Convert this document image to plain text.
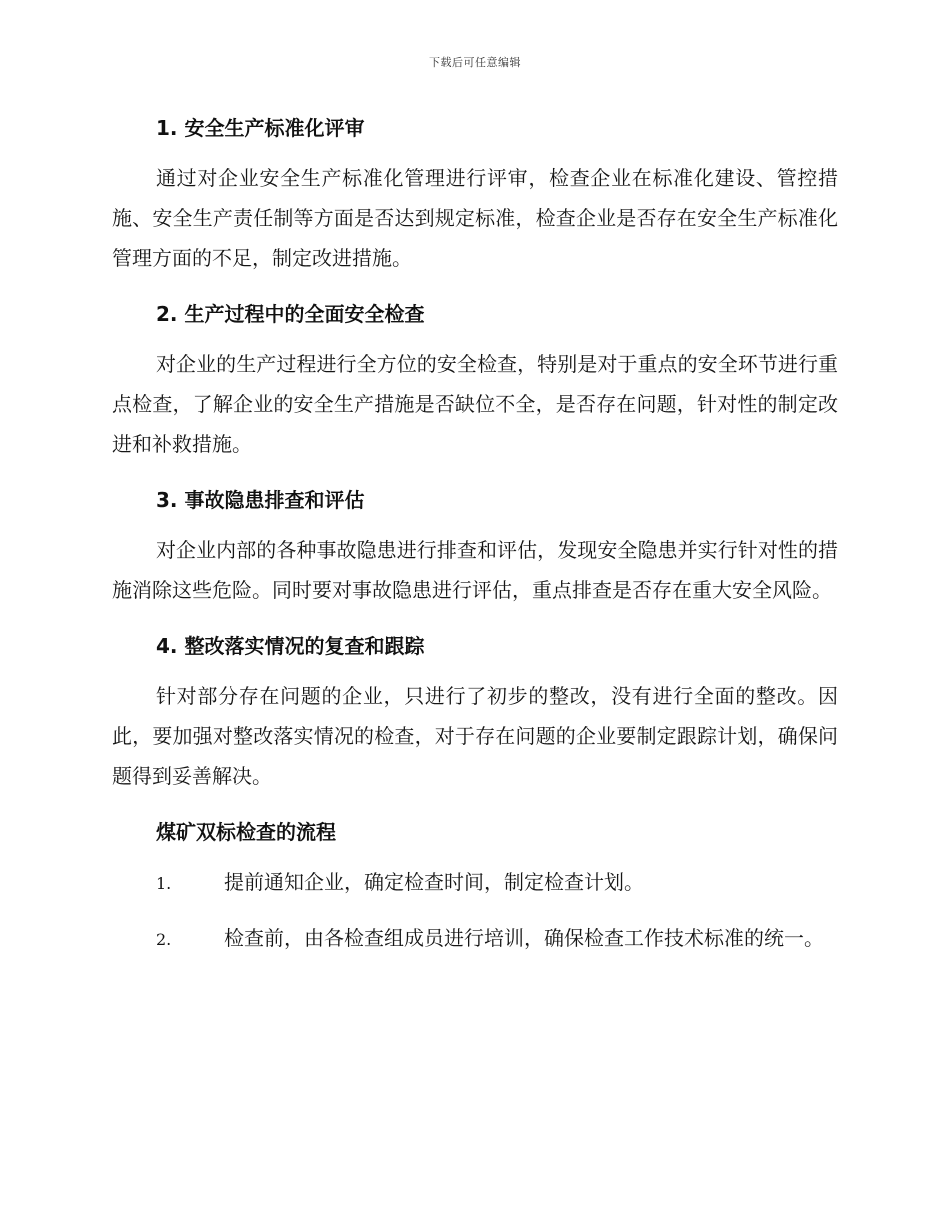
下载后可任意编辑
1. 安全生产标准化评审

通过对企业安全生产标准化管理进行评审，检查企业在标准化建设、管控措施、安全生产责任制等方面是否达到规定标准，检查企业是否存在安全生产标准化管理方面的不足，制定改进措施。

2. 生产过程中的全面安全检查

对企业的生产过程进行全方位的安全检查，特别是对于重点的安全环节进行重点检查，了解企业的安全生产措施是否缺位不全，是否存在问题，针对性的制定改进和补救措施。

3. 事故隐患排查和评估

对企业内部的各种事故隐患进行排查和评估，发现安全隐患并实行针对性的措施消除这些危险。同时要对事故隐患进行评估，重点排查是否存在重大安全风险。

4. 整改落实情况的复查和跟踪

针对部分存在问题的企业，只进行了初步的整改，没有进行全面的整改。因此，要加强对整改落实情况的检查，对于存在问题的企业要制定跟踪计划，确保问题得到妥善解决。

煤矿双标检查的流程
1.	提前通知企业，确定检查时间，制定检查计划。
2.	检查前，由各检查组成员进行培训，确保检查工作技术标准的统一。
